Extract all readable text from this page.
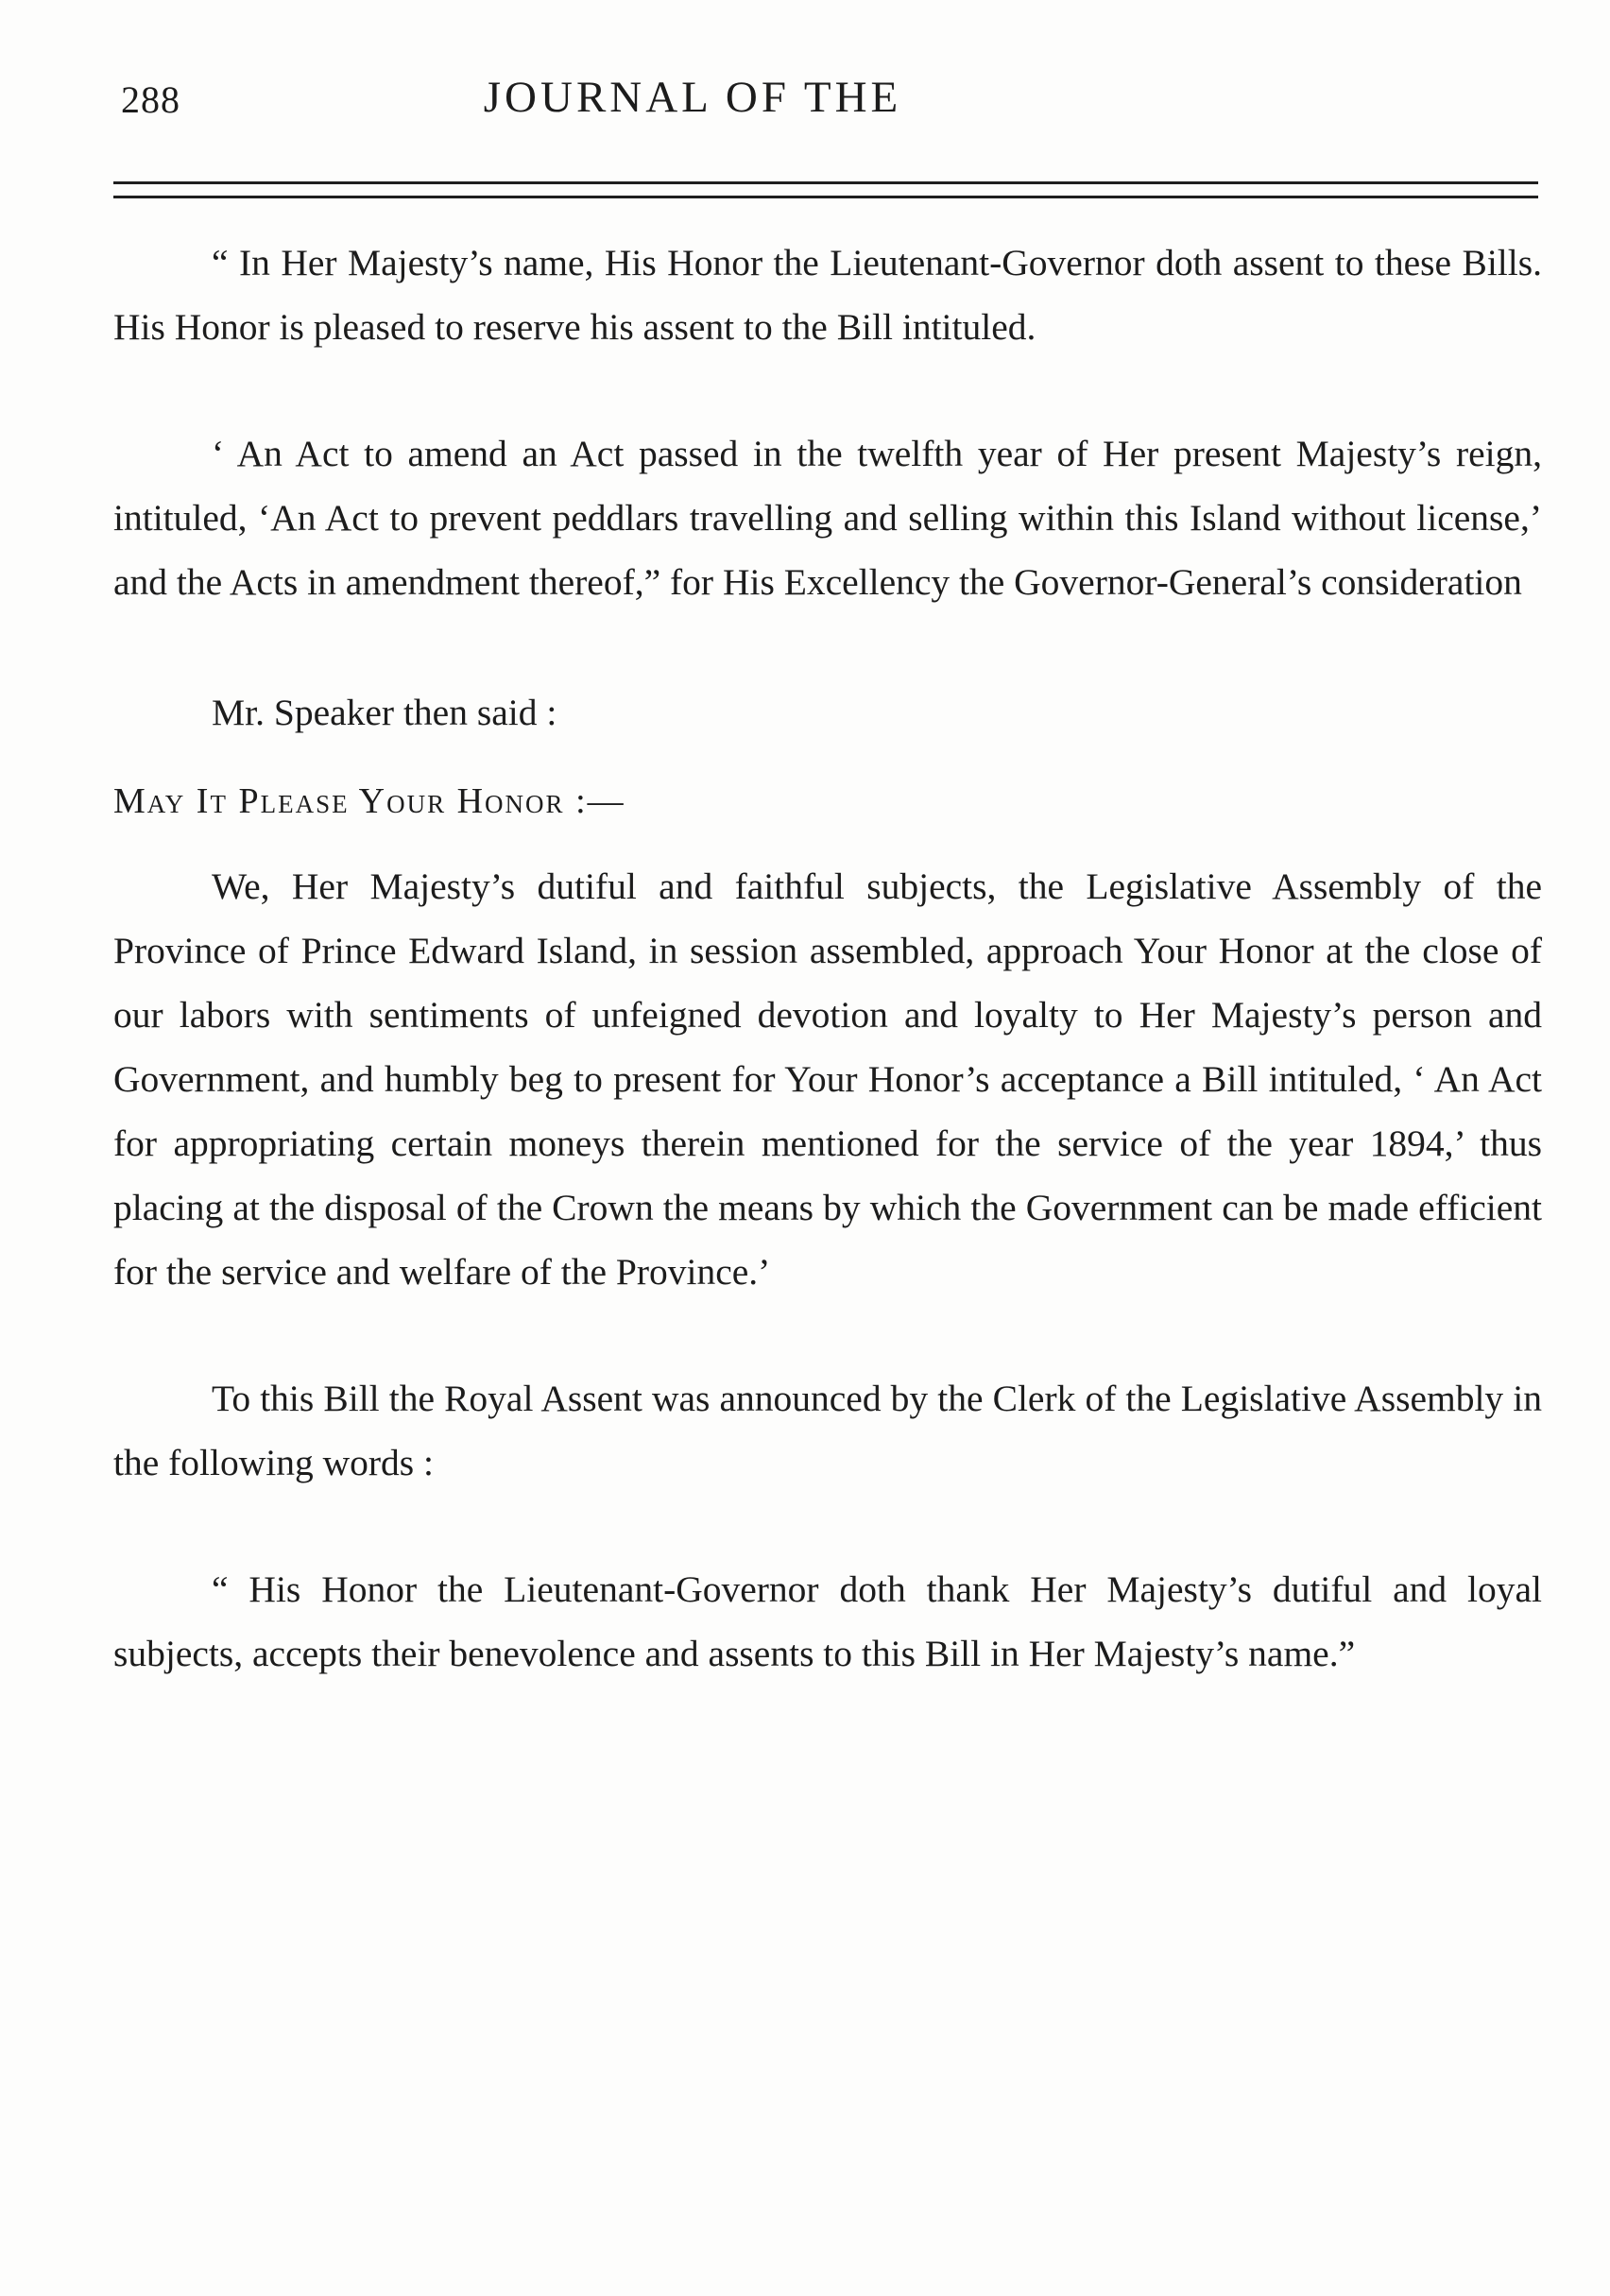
288	JOURNAL OF THE

“ In Her Majesty’s name, His Honor the Lieutenant-Governor doth assent to these Bills. His Honor is pleased to reserve his assent to the Bill intituled.

‘ An Act to amend an Act passed in the twelfth year of Her present Majesty’s reign, intituled, ‘An Act to prevent peddlars travelling and selling within this Island without license,’ and the Acts in amendment thereof,” for His Excellency the Governor-General’s consideration

Mr. Speaker then said :

May It Please Your Honor :—

We, Her Majesty’s dutiful and faithful subjects, the Legislative Assembly of the Province of Prince Edward Island, in session assembled, approach Your Honor at the close of our labors with sentiments of unfeigned devotion and loyalty to Her Majesty’s person and Government, and humbly beg to present for Your Honor’s acceptance a Bill intituled, ‘ An Act for appropriating certain moneys therein mentioned for the service of the year 1894,’ thus placing at the disposal of the Crown the means by which the Government can be made efficient for the service and welfare of the Province.’

To this Bill the Royal Assent was announced by the Clerk of the Legislative Assembly in the following words :

“ His Honor the Lieutenant-Governor doth thank Her Majesty’s dutiful and loyal subjects, accepts their benevolence and assents to this Bill in Her Majesty’s name.”
